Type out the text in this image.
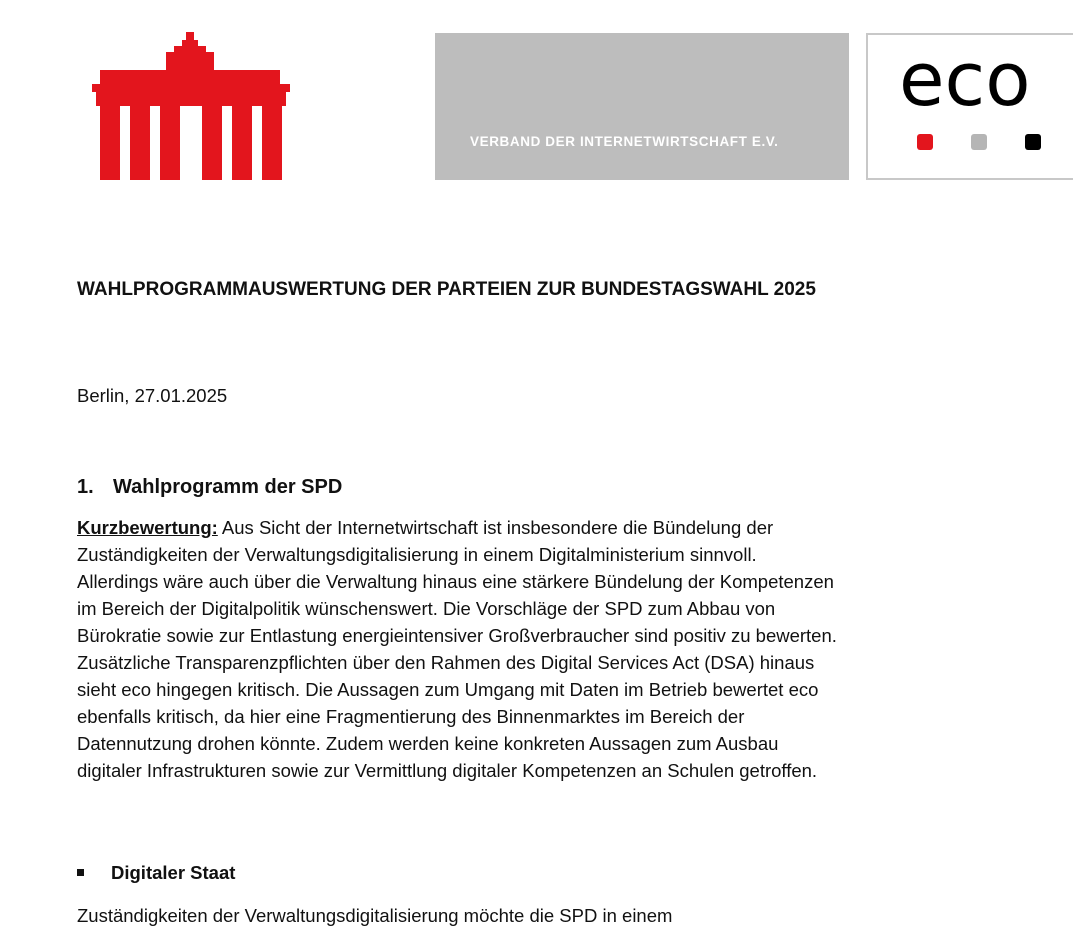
VERBAND DER INTERNETWIRTSCHAFT E.V.
eco
WAHLPROGRAMMAUSWERTUNG DER PARTEIEN ZUR BUNDESTAGSWAHL 2025
Berlin, 27.01.2025
1. Wahlprogramm der SPD
Kurzbewertung: Aus Sicht der Internetwirtschaft ist insbesondere die Bündelung der Zuständigkeiten der Verwaltungsdigitalisierung in einem Digitalministerium sinnvoll. Allerdings wäre auch über die Verwaltung hinaus eine stärkere Bündelung der Kompetenzen im Bereich der Digitalpolitik wünschenswert. Die Vorschläge der SPD zum Abbau von Bürokratie sowie zur Entlastung energieintensiver Großverbraucher sind positiv zu bewerten. Zusätzliche Transparenzpflichten über den Rahmen des Digital Services Act (DSA) hinaus sieht eco hingegen kritisch. Die Aussagen zum Umgang mit Daten im Betrieb bewertet eco ebenfalls kritisch, da hier eine Fragmentierung des Binnenmarktes im Bereich der Datennutzung drohen könnte. Zudem werden keine konkreten Aussagen zum Ausbau digitaler Infrastrukturen sowie zur Vermittlung digitaler Kompetenzen an Schulen getroffen.
Digitaler Staat
Zuständigkeiten der Verwaltungsdigitalisierung möchte die SPD in einem
